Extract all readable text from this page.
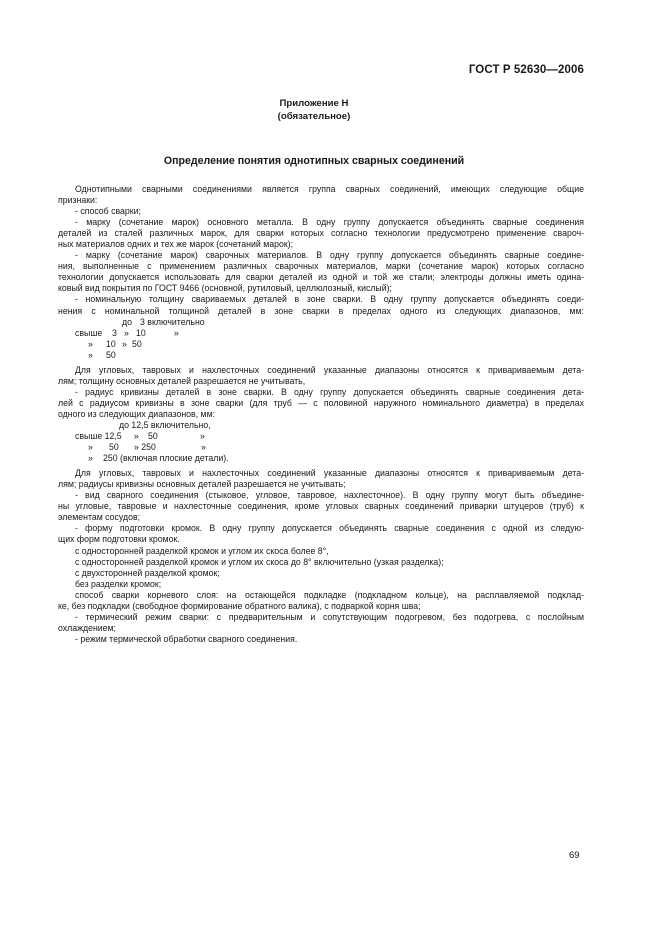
ГОСТ Р 52630—2006
Приложение Н
(обязательное)
Определение понятия однотипных сварных соединений
Однотипными сварными соединениями является группа сварных соединений, имеющих следующие общие
признаки:
- способ сварки;
- марку (сочетание марок) основного металла. В одну группу допускается объединять сварные соединения
деталей из сталей различных марок, для сварки которых согласно технологии предусмотрено применение свароч-
ных материалов одних и тех же марок (сочетаний марок);
- марку (сочетание марок) сварочных материалов. В одну группу допускается объединять сварные соедине-
ния, выполненные с применением различных сварочных материалов, марки (сочетание марок) которых согласно
технологии допускается использовать для сварки деталей из одной и той же стали; электроды должны иметь одина-
ковый вид покрытия по ГОСТ 9466 (основной, рутиловый, целлюлозный, кислый);
- номинальную толщину свариваемых деталей в зоне сварки. В одну группу допускается объединять соеди-
нения с номинальной толщиной деталей в зоне сварки в пределах одного из следующих диапазонов, мм:
до 3 включительно
свыше 3 » 10	»
» 10 » 50
» 50
Для угловых, тавровых и нахлесточных соединений указанные диапазоны относятся к привариваемым дета-
лям; толщину основных деталей разрешается не учитывать,
- радиус кривизны деталей в зоне сварки. В одну группу допускается объединять сварные соединения дета-
лей с радиусом кривизны в зоне сварки (для труб — с половиной наружного номинального диаметра) в пределах
одного из следующих диапазонов, мм:
до 12,5 включительно,
свыше 12,5 » 50	»
» 50 » 250	»
» 250 (включая плоские детали).
Для угловых, тавровых и нахлесточных соединений указанные диапазоны относятся к привариваемым дета-
лям; радиусы кривизны основных деталей разрешается не учитывать;
- вид сварного соединения (стыковое, угловое, тавровое, нахлесточное). В одну группу могут быть объедине-
ны угловые, тавровые и нахлесточные соединения, кроме угловых сварных соединений приварки штуцеров (труб) к
элементам сосудов;
- форму подготовки кромок. В одну группу допускается объединять сварные соединения с одной из следую-
щих форм подготовки кромок.
с односторонней разделкой кромок и углом их скоса более 8°,
с односторонней разделкой кромок и углом их скоса до 8° включительно (узкая разделка);
с двухсторонней разделкой кромок;
без разделки кромок;
способ сварки корневого слоя: на остающейся подкладке (подкладном кольце), на расплавляемой подклад-
ке, без подкладки (свободное формирование обратного валика), с подваркой корня шва;
- термический режим сварки: с предварительным и сопутствующим подогревом, без подогрева, с послойным
охлаждением;
- режим термической обработки сварного соединения.
69
